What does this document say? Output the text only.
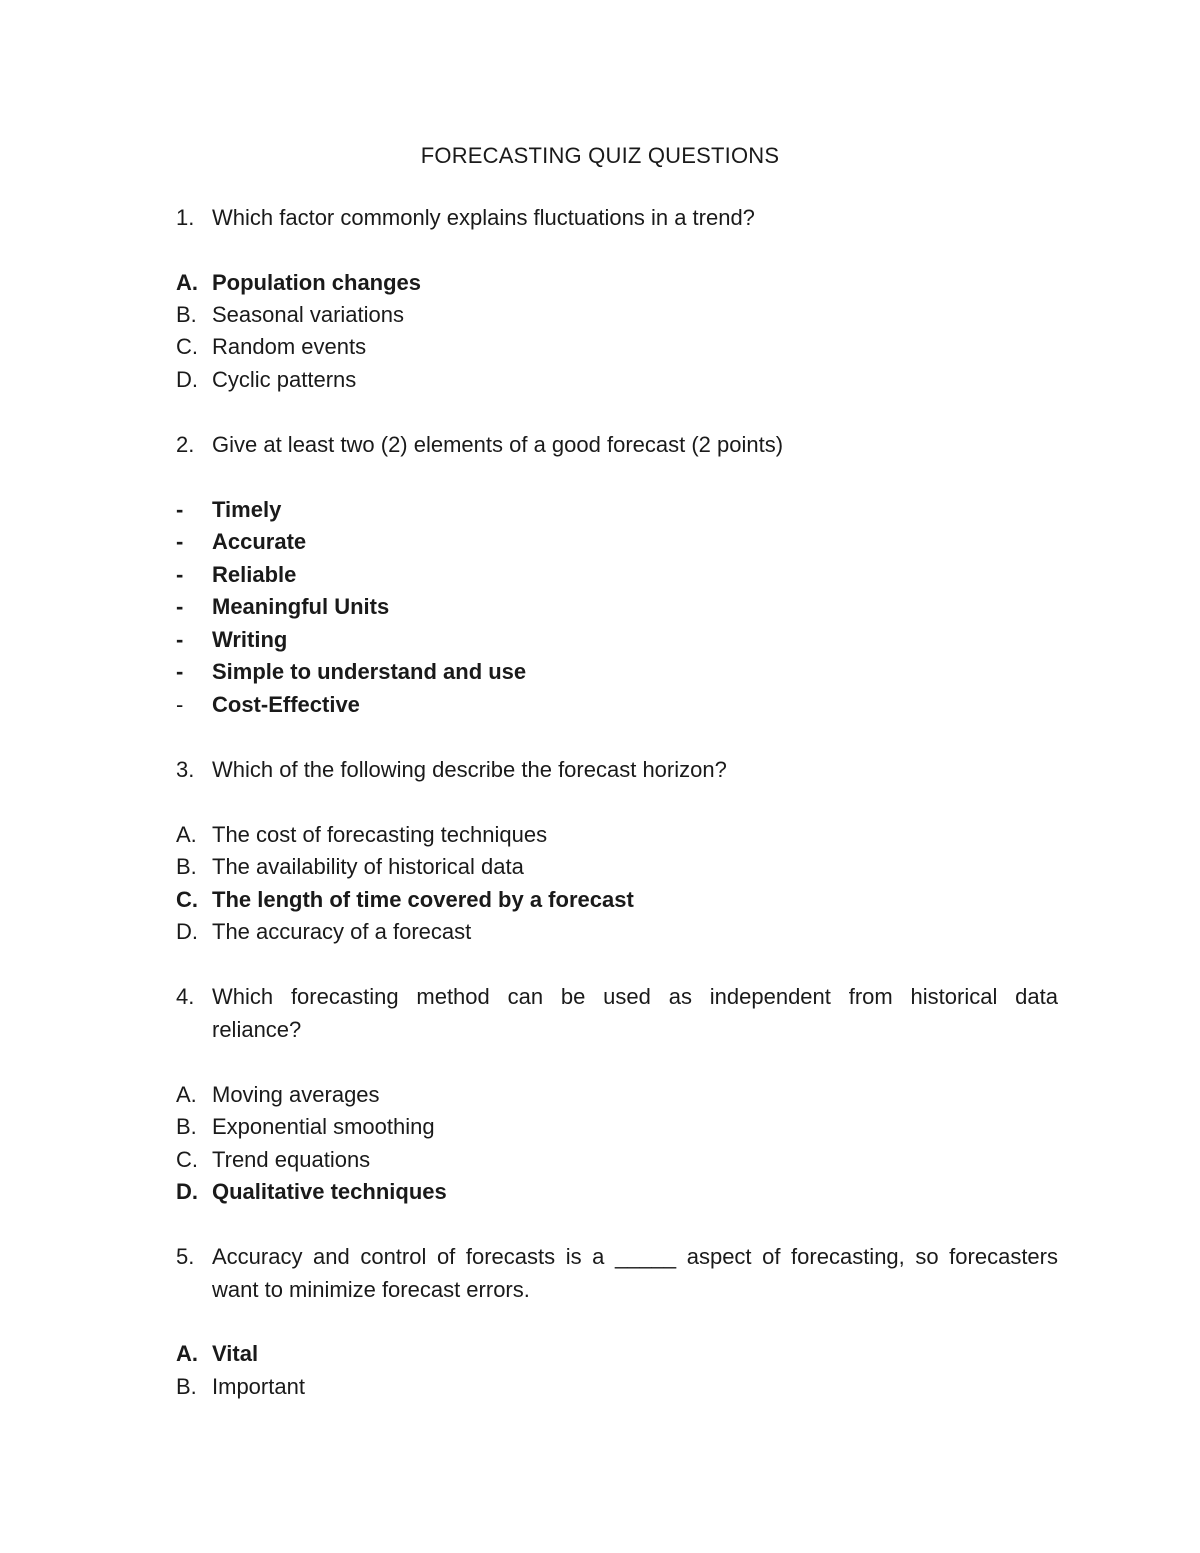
FORECASTING QUIZ QUESTIONS
1. Which factor commonly explains fluctuations in a trend?
A. Population changes
B. Seasonal variations
C. Random events
D. Cyclic patterns
2. Give at least two (2) elements of a good forecast (2 points)
-	Timely
-	Accurate
-	Reliable
-	Meaningful Units
-	Writing
-	Simple to understand and use
-	Cost-Effective
3. Which of the following describe the forecast horizon?
A. The cost of forecasting techniques
B. The availability of historical data
C. The length of time covered by a forecast
D. The accuracy of a forecast
4. Which forecasting method can be used as independent from historical data
reliance?
A. Moving averages
B. Exponential smoothing
C. Trend equations
D. Qualitative techniques
5. Accuracy and control of forecasts is a _____ aspect of forecasting, so forecasters
want to minimize forecast errors.
A. Vital
B. Important
